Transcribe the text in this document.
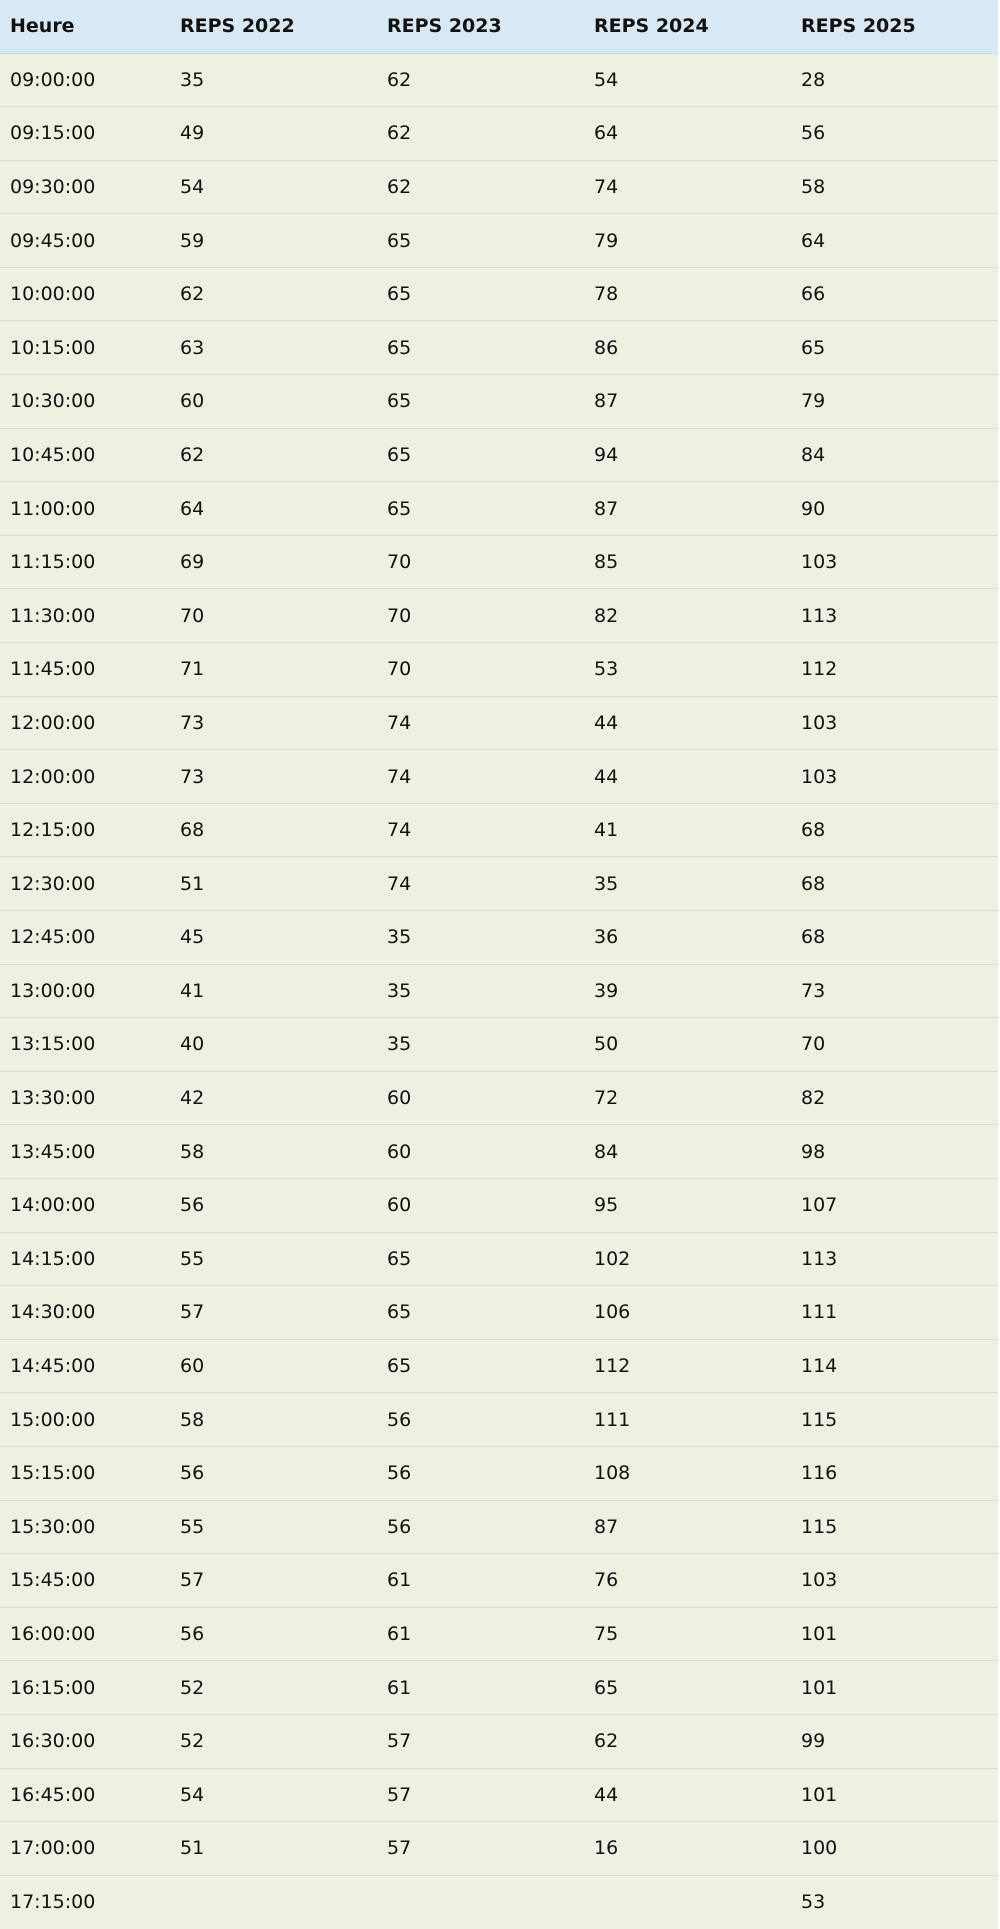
Heure	REPS 2022	REPS 2023	REPS 2024	REPS 2025
09:00:00	35	62	54	28
09:15:00	49	62	64	56
09:30:00	54	62	74	58
09:45:00	59	65	79	64
10:00:00	62	65	78	66
10:15:00	63	65	86	65
10:30:00	60	65	87	79
10:45:00	62	65	94	84
11:00:00	64	65	87	90
11:15:00	69	70	85	103
11:30:00	70	70	82	113
11:45:00	71	70	53	112
12:00:00	73	74	44	103
12:00:00	73	74	44	103
12:15:00	68	74	41	68
12:30:00	51	74	35	68
12:45:00	45	35	36	68
13:00:00	41	35	39	73
13:15:00	40	35	50	70
13:30:00	42	60	72	82
13:45:00	58	60	84	98
14:00:00	56	60	95	107
14:15:00	55	65	102	113
14:30:00	57	65	106	111
14:45:00	60	65	112	114
15:00:00	58	56	111	115
15:15:00	56	56	108	116
15:30:00	55	56	87	115
15:45:00	57	61	76	103
16:00:00	56	61	75	101
16:15:00	52	61	65	101
16:30:00	52	57	62	99
16:45:00	54	57	44	101
17:00:00	51	57	16	100
17:15:00				53
